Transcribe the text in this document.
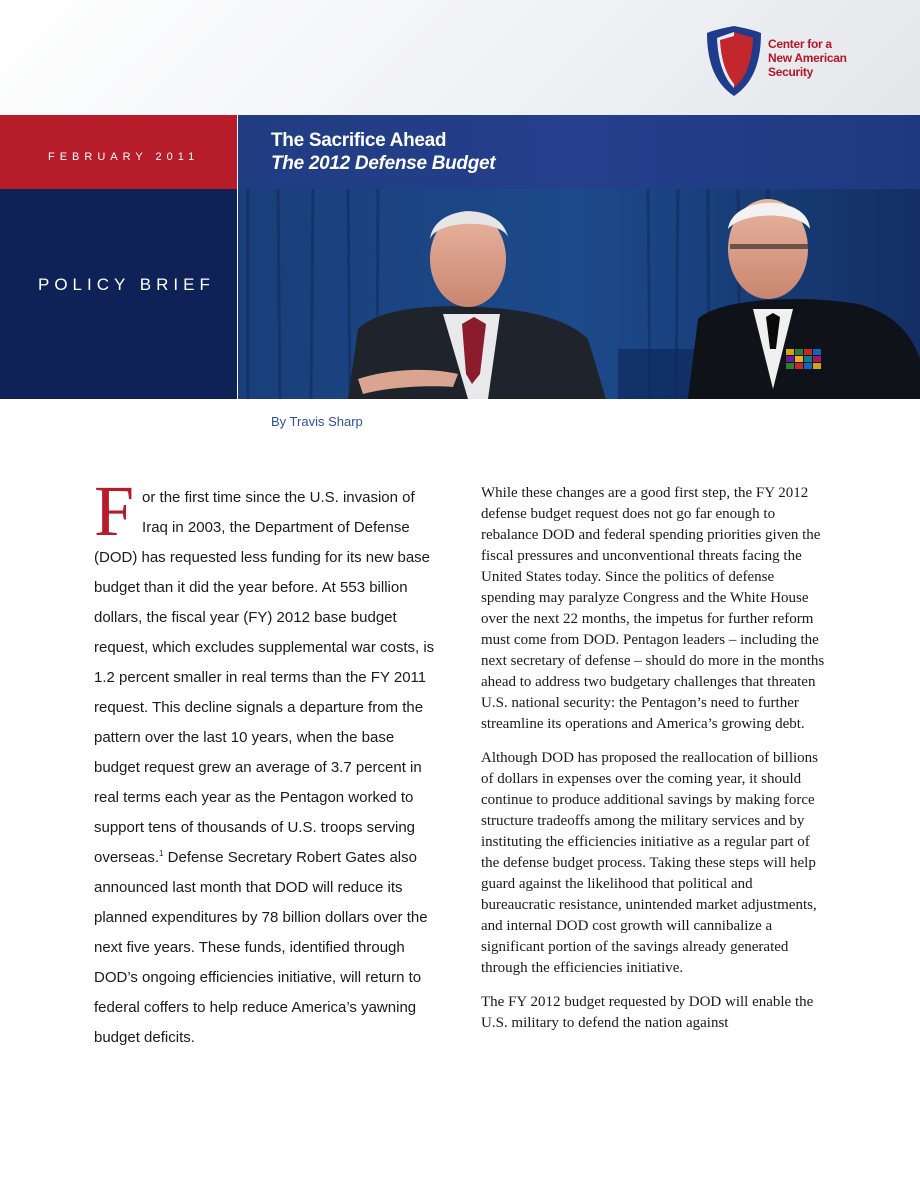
Center for a
New American
Security
FEBRUARY 2011
The Sacrifice Ahead
The 2012 Defense Budget
POLICY BRIEF
By Travis Sharp

For the first time since the U.S. invasion of Iraq in 2003, the Department of Defense (DOD) has requested less funding for its new base budget than it did the year before. At 553 billion dollars, the fiscal year (FY) 2012 base budget request, which excludes supplemental war costs, is 1.2 percent smaller in real terms than the FY 2011 request. This decline signals a departure from the pattern over the last 10 years, when the base budget request grew an average of 3.7 percent in real terms each year as the Pentagon worked to support tens of thousands of U.S. troops serving overseas.$^1$ Defense Secretary Robert Gates also announced last month that DOD will reduce its planned expenditures by 78 billion dollars over the next five years. These funds, identified through DOD’s ongoing efficiencies initiative, will return to federal coffers to help reduce America’s yawning budget deficits.

While these changes are a good first step, the FY 2012 defense budget request does not go far enough to rebalance DOD and federal spending priorities given the fiscal pressures and unconventional threats facing the United States today. Since the politics of defense spending may paralyze Congress and the White House over the next 22 months, the impetus for further reform must come from DOD. Pentagon leaders – including the next secretary of defense – should do more in the months ahead to address two budgetary challenges that threaten U.S. national security: the Pentagon’s need to further streamline its operations and America’s growing debt.

Although DOD has proposed the reallocation of billions of dollars in expenses over the coming year, it should continue to produce additional savings by making force structure tradeoffs among the military services and by instituting the efficiencies initiative as a regular part of the defense budget process. Taking these steps will help guard against the likelihood that political and bureaucratic resistance, unintended market adjustments, and internal DOD cost growth will cannibalize a significant portion of the savings already generated through the efficiencies initiative.

The FY 2012 budget requested by DOD will enable the U.S. military to defend the nation against
